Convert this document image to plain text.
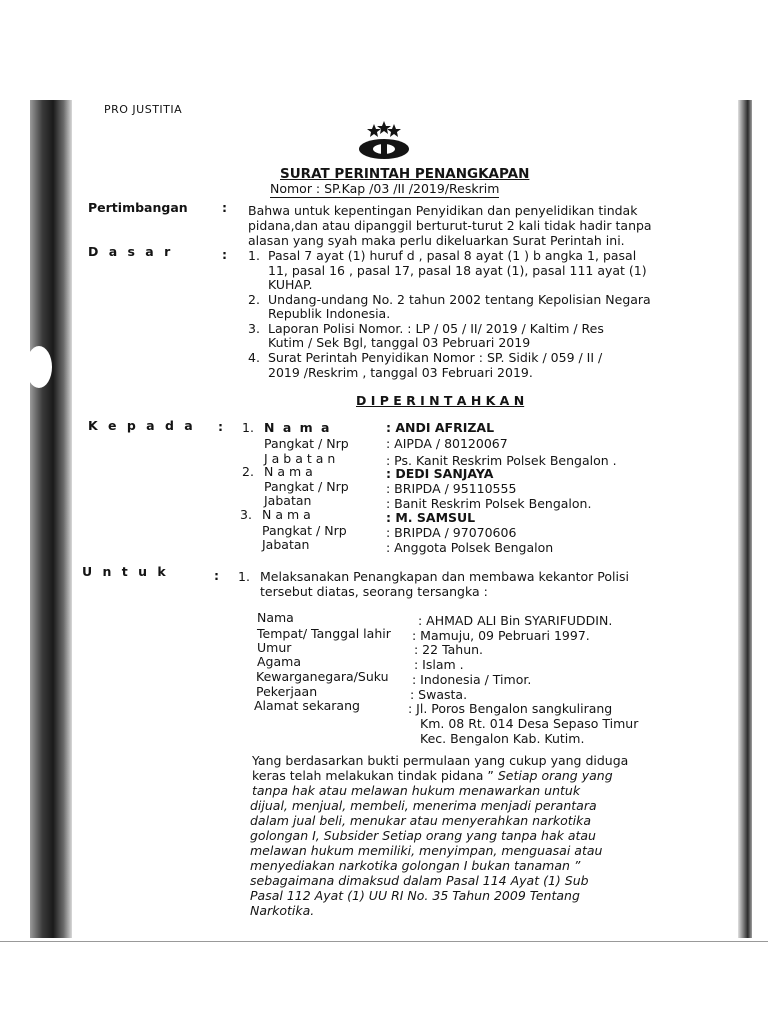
PRO JUSTITIA
SURAT PERINTAH PENANGKAPAN
Nomor : SP.Kap /03 /II /2019/Reskrim
Pertimbangan	: Bahwa untuk kepentingan Penyidikan dan penyelidikan tindak
pidana,dan atau dipanggil berturut-turut 2 kali tidak hadir tanpa
alasan yang syah maka perlu dikeluarkan Surat Perintah ini.
D a s a r	: 1. Pasal 7 ayat (1) huruf d , pasal 8 ayat (1 ) b angka 1, pasal
11, pasal 16 , pasal 17, pasal 18 ayat (1), pasal 111 ayat (1)
KUHAP.
2. Undang-undang No. 2 tahun 2002 tentang Kepolisian Negara
Republik Indonesia.
3. Laporan Polisi Nomor. : LP / 05 / II/ 2019 / Kaltim / Res
Kutim / Sek Bgl, tanggal 03 Pebruari 2019
4. Surat Perintah Penyidikan Nomor : SP. Sidik / 059 / II /
2019 /Reskrim , tanggal 03 Februari 2019.
D I P E R I N T A H K A N
K e p a d a : 1. N a m a	: ANDI AFRIZAL
Pangkat / Nrp	: AIPDA / 80120067
J a b a t a n	: Ps. Kanit Reskrim Polsek Bengalon .
2. N a m a	: DEDI SANJAYA
Pangkat / Nrp	: BRIPDA / 95110555
Jabatan	: Banit Reskrim Polsek Bengalon.
3. N a m a	: M. SAMSUL
Pangkat / Nrp	: BRIPDA / 97070606
Jabatan	: Anggota Polsek Bengalon
U n t u k	: 1. Melaksanakan Penangkapan dan membawa kekantor Polisi
tersebut diatas, seorang tersangka :
Nama	: AHMAD ALI Bin SYARIFUDDIN.
Tempat/ Tanggal lahir : Mamuju, 09 Pebruari 1997.
Umur	: 22 Tahun.
Agama	: Islam .
Kewarganegara/Suku : Indonesia / Timor.
Pekerjaan	: Swasta.
Alamat sekarang	: Jl. Poros Bengalon sangkulirang
Km. 08 Rt. 014 Desa Sepaso Timur
Kec. Bengalon Kab. Kutim.
Yang berdasarkan bukti permulaan yang cukup yang diduga
keras telah melakukan tindak pidana ” Setiap orang yang
tanpa hak atau melawan hukum menawarkan untuk
dijual, menjual, membeli, menerima menjadi perantara
dalam jual beli, menukar atau menyerahkan narkotika
golongan I, Subsider Setiap orang yang tanpa hak atau
melawan hukum memiliki, menyimpan, menguasai atau
menyediakan narkotika golongan I bukan tanaman ”
sebagaimana dimaksud dalam Pasal 114 Ayat (1) Sub
Pasal 112 Ayat (1) UU RI No. 35 Tahun 2009 Tentang
Narkotika.
